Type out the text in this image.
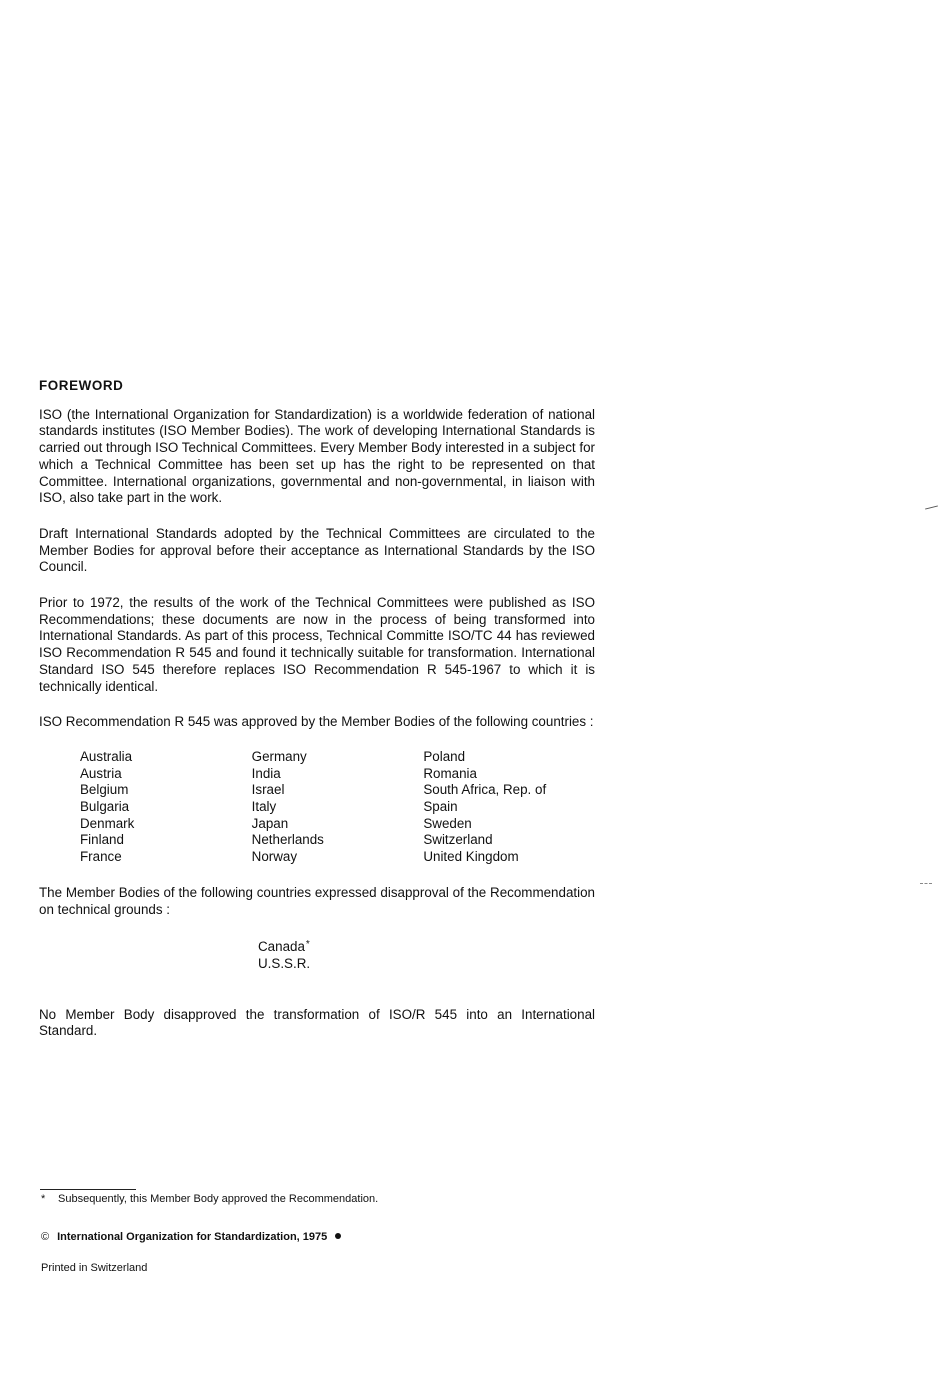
FOREWORD

ISO (the International Organization for Standardization) is a worldwide federation of national standards institutes (ISO Member Bodies). The work of developing International Standards is carried out through ISO Technical Committees. Every Member Body interested in a subject for which a Technical Committee has been set up has the right to be represented on that Committee. International organizations, governmental and non-governmental, in liaison with ISO, also take part in the work.

Draft International Standards adopted by the Technical Committees are circulated to the Member Bodies for approval before their acceptance as International Standards by the ISO Council.

Prior to 1972, the results of the work of the Technical Committees were published as ISO Recommendations; these documents are now in the process of being transformed into International Standards. As part of this process, Technical Committe ISO/TC 44 has reviewed ISO Recommendation R 545 and found it technically suitable for transformation. International Standard ISO 545 therefore replaces ISO Recommendation R 545-1967 to which it is technically identical.

ISO Recommendation R 545 was approved by the Member Bodies of the following countries :

Australia
Austria
Belgium
Bulgaria
Denmark
Finland
France
Germany
India
Israel
Italy
Japan
Netherlands
Norway
Poland
Romania
South Africa, Rep. of
Spain
Sweden
Switzerland
United Kingdom

The Member Bodies of the following countries expressed disapproval of the Recommendation on technical grounds :

Canada*
U.S.S.R.

No Member Body disapproved the transformation of ISO/R 545 into an International Standard.

* Subsequently, this Member Body approved the Recommendation.
© International Organization for Standardization, 1975
Printed in Switzerland
